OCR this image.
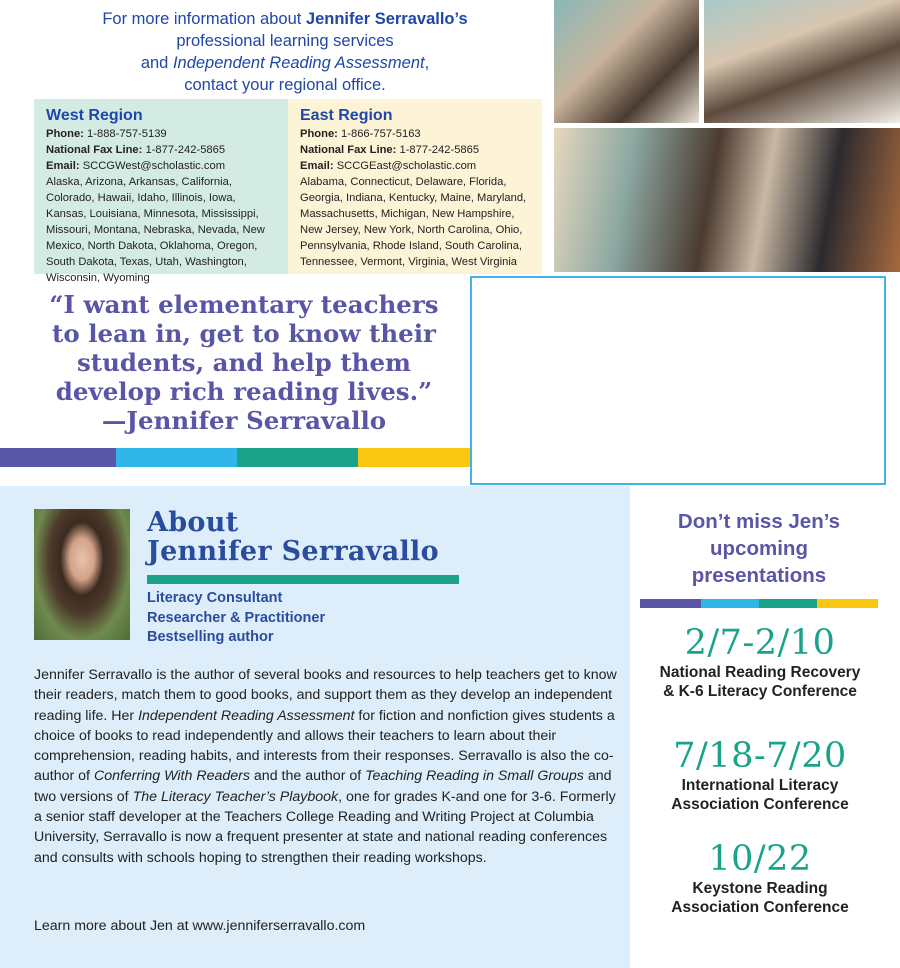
For more information about Jennifer Serravallo’s
professional learning services
and Independent Reading Assessment,
contact your regional office.
West Region
Phone: 1-888-757-5139
National Fax Line: 1-877-242-5865
Email: SCCGWest@scholastic.com
Alaska, Arizona, Arkansas, California, Colorado, Hawaii, Idaho, Illinois, Iowa, Kansas, Louisiana, Minnesota, Mississippi, Missouri, Montana, Nebraska, Nevada, New Mexico, North Dakota, Oklahoma, Oregon, South Dakota, Texas, Utah, Washington, Wisconsin, Wyoming
East Region
Phone: 1-866-757-5163
National Fax Line: 1-877-242-5865
Email: SCCGEast@scholastic.com
Alabama, Connecticut, Delaware, Florida, Georgia, Indiana, Kentucky, Maine, Maryland, Massachusetts, Michigan, New Hampshire, New Jersey, New York, North Carolina, Ohio, Pennsylvania, Rhode Island, South Carolina, Tennessee, Vermont, Virginia, West Virginia
“I want elementary teachers to lean in, get to know their students, and help them develop rich reading lives.”
—Jennifer Serravallo
About
Jennifer Serravallo
Literacy Consultant
Researcher & Practitioner
Bestselling author
Jennifer Serravallo is the author of several books and resources to help teachers get to know their readers, match them to good books, and support them as they develop an independent reading life. Her Independent Reading Assessment for fiction and nonfiction gives students a choice of books to read independently and allows their teachers to learn about their comprehension, reading habits, and interests from their responses. Serravallo is also the co-author of Conferring With Readers and the author of Teaching Reading in Small Groups and two versions of The Literacy Teacher’s Playbook, one for grades K-and one for 3-6. Formerly a senior staff developer at the Teachers College Reading and Writing Project at Columbia University, Serravallo is now a frequent presenter at state and national reading conferences and consults with schools hoping to strengthen their reading workshops.
Learn more about Jen at www.jenniferserravallo.com
Don’t miss Jen’s
upcoming
presentations
2/7-2/10
National Reading Recovery
& K-6 Literacy Conference
7/18-7/20
International Literacy
Association Conference
10/22
Keystone Reading
Association Conference
